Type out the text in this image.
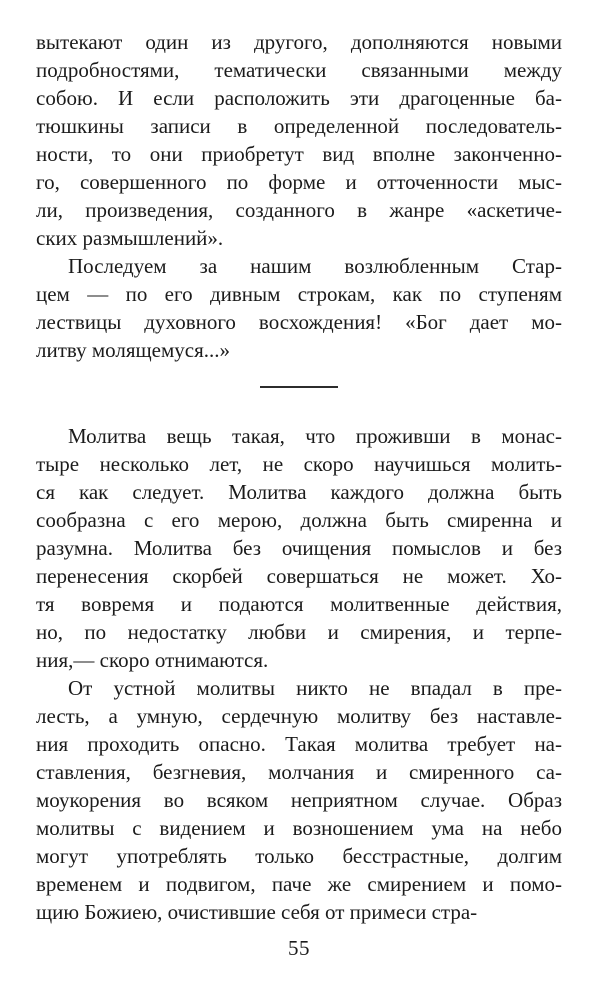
вытекают один из другого, дополняются новыми
подробностями, тематически связанными между
собою. И если расположить эти драгоценные ба-
тюшкины записи в определенной последователь-
ности, то они приобретут вид вполне законченно-
го, совершенного по форме и отточенности мыс-
ли, произведения, созданного в жанре «аскетиче-
ских размышлений».
Последуем за нашим возлюбленным Стар-
цем — по его дивным строкам, как по ступеням
лествицы духовного восхождения! «Бог дает мо-
литву молящемуся...»
Молитва вещь такая, что проживши в монас-
тыре несколько лет, не скоро научишься молить-
ся как следует. Молитва каждого должна быть
сообразна с его мерою, должна быть смиренна и
разумна. Молитва без очищения помыслов и без
перенесения скорбей совершаться не может. Хо-
тя вовремя и подаются молитвенные действия,
но, по недостатку любви и смирения, и терпе-
ния,— скоро отнимаются.
От устной молитвы никто не впадал в пре-
лесть, а умную, сердечную молитву без наставле-
ния проходить опасно. Такая молитва требует на-
ставления, безгневия, молчания и смиренного са-
моукорения во всяком неприятном случае. Образ
молитвы с видением и возношением ума на небо
могут употреблять только бесстрастные, долгим
временем и подвигом, паче же смирением и помо-
щию Божиею, очистившие себя от примеси стра-
55
